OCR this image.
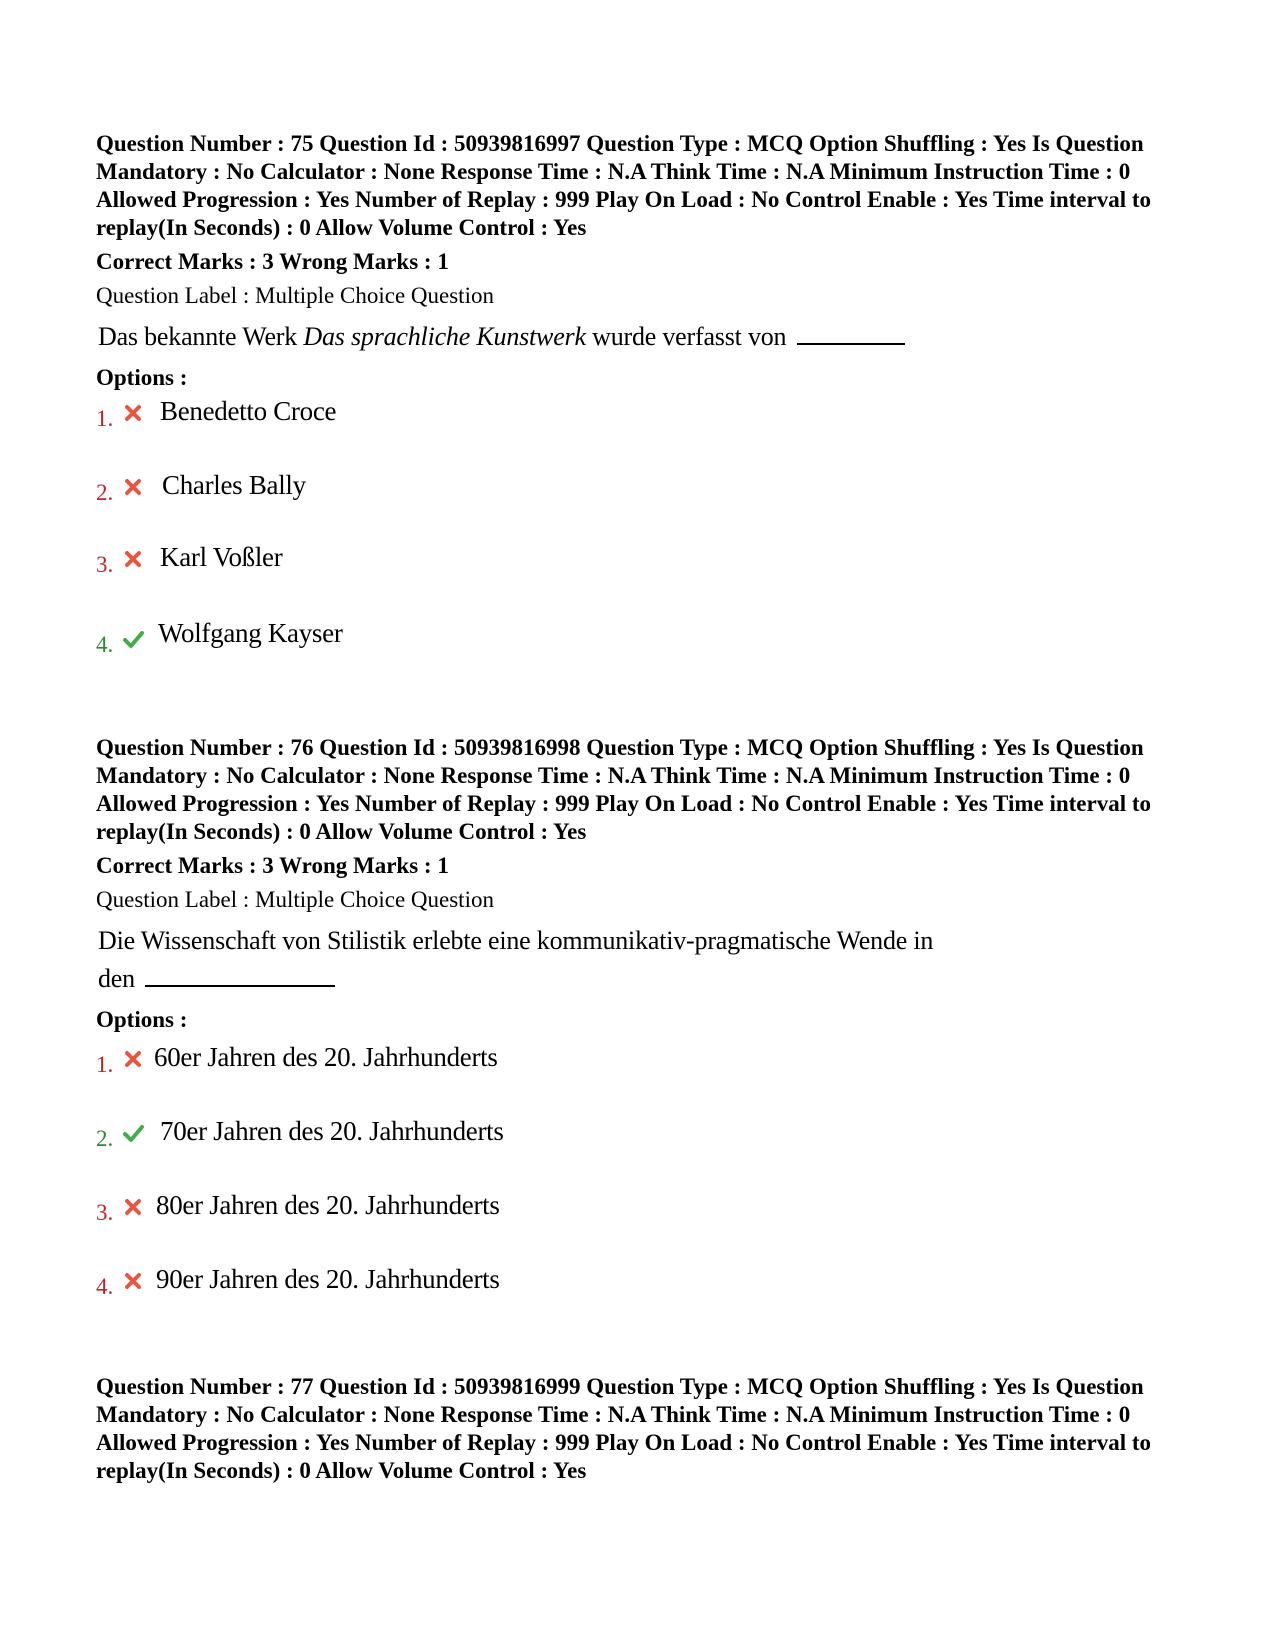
Question Number : 75 Question Id : 50939816997 Question Type : MCQ Option Shuffling : Yes Is Question Mandatory : No Calculator : None Response Time : N.A Think Time : N.A Minimum Instruction Time : 0 Allowed Progression : Yes Number of Replay : 999 Play On Load : No Control Enable : Yes Time interval to replay(In Seconds) : 0 Allow Volume Control : Yes

Correct Marks : 3 Wrong Marks : 1

Question Label : Multiple Choice Question

Das bekannte Werk Das sprachliche Kunstwerk wurde verfasst von

Options :

1. Benedetto Croce
2. Charles Bally
3. Karl Voßler
4. Wolfgang Kayser

Question Number : 76 Question Id : 50939816998 Question Type : MCQ Option Shuffling : Yes Is Question Mandatory : No Calculator : None Response Time : N.A Think Time : N.A Minimum Instruction Time : 0 Allowed Progression : Yes Number of Replay : 999 Play On Load : No Control Enable : Yes Time interval to replay(In Seconds) : 0 Allow Volume Control : Yes

Correct Marks : 3 Wrong Marks : 1

Question Label : Multiple Choice Question

Die Wissenschaft von Stilistik erlebte eine kommunikativ-pragmatische Wende in
den

Options :

1. 60er Jahren des 20. Jahrhunderts
2. 70er Jahren des 20. Jahrhunderts
3. 80er Jahren des 20. Jahrhunderts
4. 90er Jahren des 20. Jahrhunderts

Question Number : 77 Question Id : 50939816999 Question Type : MCQ Option Shuffling : Yes Is Question Mandatory : No Calculator : None Response Time : N.A Think Time : N.A Minimum Instruction Time : 0 Allowed Progression : Yes Number of Replay : 999 Play On Load : No Control Enable : Yes Time interval to replay(In Seconds) : 0 Allow Volume Control : Yes
